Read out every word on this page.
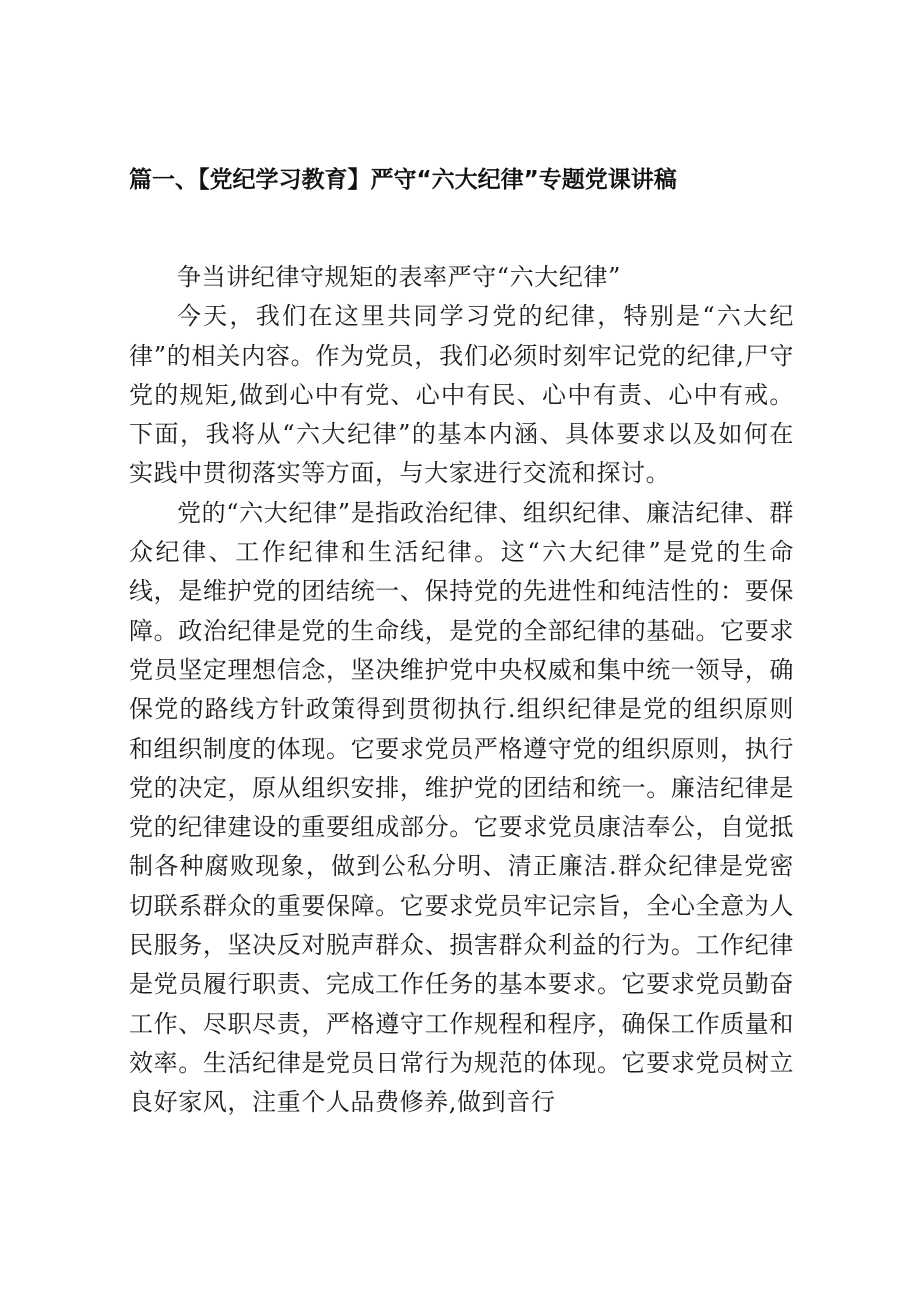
篇一、【党纪学习教育】严守“六大纪律”专题党课讲稿

争当讲纪律守规矩的表率严守“六大纪律”

今天，我们在这里共同学习党的纪律，特别是“六大纪律”的相关内容。作为党员，我们必须时刻牢记党的纪律,尸守党的规矩,做到心中有党、心中有民、心中有责、心中有戒。下面，我将从“六大纪律”的基本内涵、具体要求以及如何在实践中贯彻落实等方面，与大家进行交流和探讨。

党的“六大纪律”是指政治纪律、组织纪律、廉洁纪律、群众纪律、工作纪律和生活纪律。这“六大纪律”是党的生命线，是维护党的团结统一、保持党的先进性和纯洁性的：要保障。政治纪律是党的生命线，是党的全部纪律的基础。它要求党员坚定理想信念，坚决维护党中央权威和集中统一领导，确保党的路线方针政策得到贯彻执行.组织纪律是党的组织原则和组织制度的体现。它要求党员严格遵守党的组织原则，执行党的决定，原从组织安排，维护党的团结和统一。廉洁纪律是党的纪律建设的重要组成部分。它要求党员康洁奉公，自觉抵制各种腐败现象，做到公私分明、清正廉洁.群众纪律是党密切联系群众的重要保障。它要求党员牢记宗旨，全心全意为人民服务，坚决反对脱声群众、损害群众利益的行为。工作纪律是党员履行职责、完成工作任务的基本要求。它要求党员勤奋工作、尽职尽责，严格遵守工作规程和程序，确保工作质量和效率。生活纪律是党员日常行为规范的体现。它要求党员树立良好家风，注重个人品费修养,做到音行
